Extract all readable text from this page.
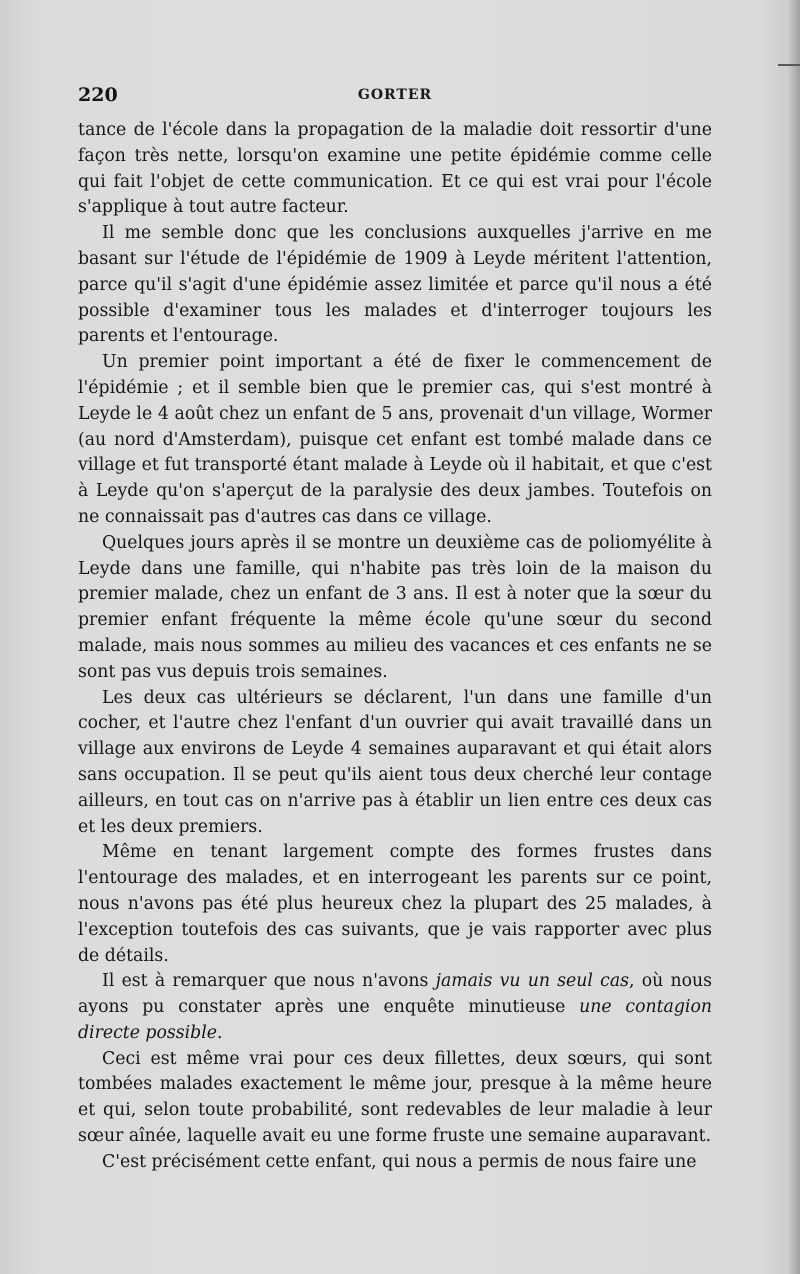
220	GORTER

tance de l'école dans la propagation de la maladie doit ressortir d'une façon très nette, lorsqu'on examine une petite épidémie comme celle qui fait l'objet de cette communication. Et ce qui est vrai pour l'école s'applique à tout autre facteur.

Il me semble donc que les conclusions auxquelles j'arrive en me basant sur l'étude de l'épidémie de 1909 à Leyde méritent l'attention, parce qu'il s'agit d'une épidémie assez limitée et parce qu'il nous a été possible d'examiner tous les malades et d'interroger toujours les parents et l'entourage.

Un premier point important a été de fixer le commencement de l'épidémie ; et il semble bien que le premier cas, qui s'est montré à Leyde le 4 août chez un enfant de 5 ans, provenait d'un village, Wormer (au nord d'Amsterdam), puisque cet enfant est tombé malade dans ce village et fut transporté étant malade à Leyde où il habitait, et que c'est à Leyde qu'on s'aperçut de la paralysie des deux jambes. Toutefois on ne connaissait pas d'autres cas dans ce village.

Quelques jours après il se montre un deuxième cas de poliomyélite à Leyde dans une famille, qui n'habite pas très loin de la maison du premier malade, chez un enfant de 3 ans. Il est à noter que la sœur du premier enfant fréquente la même école qu'une sœur du second malade, mais nous sommes au milieu des vacances et ces enfants ne se sont pas vus depuis trois semaines.

Les deux cas ultérieurs se déclarent, l'un dans une famille d'un cocher, et l'autre chez l'enfant d'un ouvrier qui avait travaillé dans un village aux environs de Leyde 4 semaines auparavant et qui était alors sans occupation. Il se peut qu'ils aient tous deux cherché leur contage ailleurs, en tout cas on n'arrive pas à établir un lien entre ces deux cas et les deux premiers.

Même en tenant largement compte des formes frustes dans l'entourage des malades, et en interrogeant les parents sur ce point, nous n'avons pas été plus heureux chez la plupart des 25 malades, à l'exception toutefois des cas suivants, que je vais rapporter avec plus de détails.

Il est à remarquer que nous n'avons jamais vu un seul cas, où nous ayons pu constater après une enquête minutieuse une contagion directe possible.

Ceci est même vrai pour ces deux fillettes, deux sœurs, qui sont tombées malades exactement le même jour, presque à la même heure et qui, selon toute probabilité, sont redevables de leur maladie à leur sœur aînée, laquelle avait eu une forme fruste une semaine auparavant.

C'est précisément cette enfant, qui nous a permis de nous faire une
